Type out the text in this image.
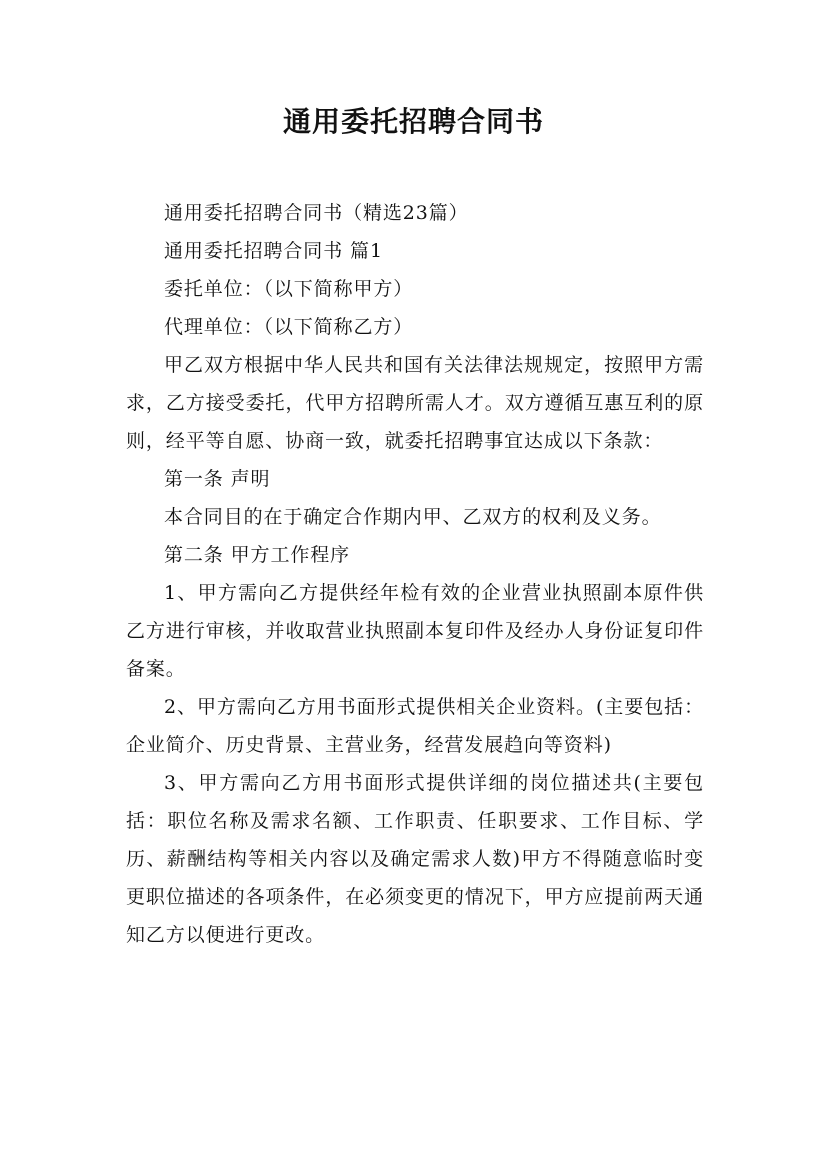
通用委托招聘合同书

通用委托招聘合同书（精选23篇）

通用委托招聘合同书 篇1

委托单位：（以下简称甲方）

代理单位：（以下简称乙方）

甲乙双方根据中华人民共和国有关法律法规规定，按照甲方需求，乙方接受委托，代甲方招聘所需人才。双方遵循互惠互利的原则，经平等自愿、协商一致，就委托招聘事宜达成以下条款：

第一条 声明

本合同目的在于确定合作期内甲、乙双方的权利及义务。

第二条 甲方工作程序

1、甲方需向乙方提供经年检有效的企业营业执照副本原件供乙方进行审核，并收取营业执照副本复印件及经办人身份证复印件备案。

2、甲方需向乙方用书面形式提供相关企业资料。(主要包括：企业简介、历史背景、主营业务，经营发展趋向等资料)

3、甲方需向乙方用书面形式提供详细的岗位描述共(主要包括：职位名称及需求名额、工作职责、任职要求、工作目标、学历、薪酬结构等相关内容以及确定需求人数)甲方不得随意临时变更职位描述的各项条件，在必须变更的情况下，甲方应提前两天通知乙方以便进行更改。
